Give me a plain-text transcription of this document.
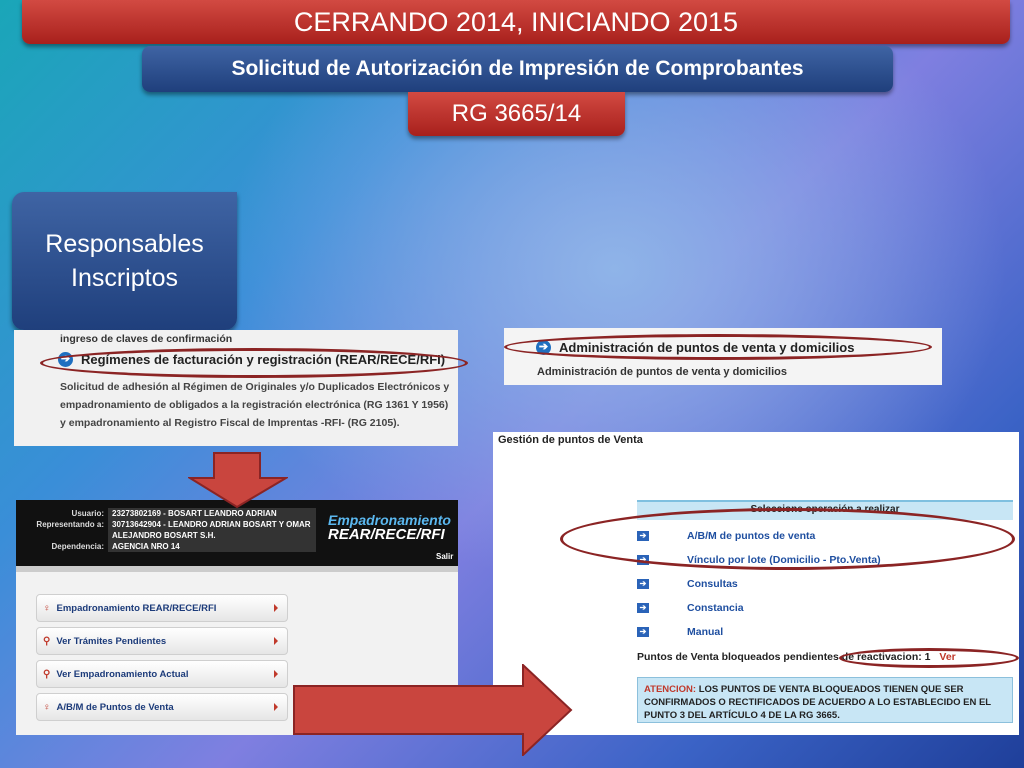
CERRANDO 2014, INICIANDO 2015
Solicitud de Autorización de Impresión de Comprobantes
RG 3665/14
Responsables
Inscriptos
ingreso de claves de confirmación
➔ Regímenes de facturación y registración (REAR/RECE/RFI)
Solicitud de adhesión al Régimen de Originales y/o Duplicados Electrónicos y empadronamiento de obligados a la registración electrónica (RG 1361 Y 1956) y empadronamiento al Registro Fiscal de Imprentas -RFI- (RG 2105).
➔ Administración de puntos de venta y domicilios
Administración de puntos de venta y domicilios
Usuario:	23273802169 - BOSART LEANDRO ADRIAN
Representando a:	30713642904 - LEANDRO ADRIAN BOSART Y OMAR ALEJANDRO BOSART S.H.
Dependencia:	AGENCIA NRO 14
Empadronamiento
REAR/RECE/RFI
Salir
♀ Empadronamiento REAR/RECE/RFI
⚲ Ver Trámites Pendientes
⚲ Ver Empadronamiento Actual
♀ A/B/M de Puntos de Venta
Gestión de puntos de Venta
Seleccione operación a realizar
➔	A/B/M de puntos de venta
➔	Vínculo por lote (Domicilio - Pto.Venta)
➔	Consultas
➔	Constancia
➔	Manual
Puntos de Venta bloqueados pendientes de reactivacion: 1 Ver
ATENCION: LOS PUNTOS DE VENTA BLOQUEADOS TIENEN QUE SER CONFIRMADOS O RECTIFICADOS DE ACUERDO A LO ESTABLECIDO EN EL PUNTO 3 DEL ARTÍCULO 4 DE LA RG 3665.
